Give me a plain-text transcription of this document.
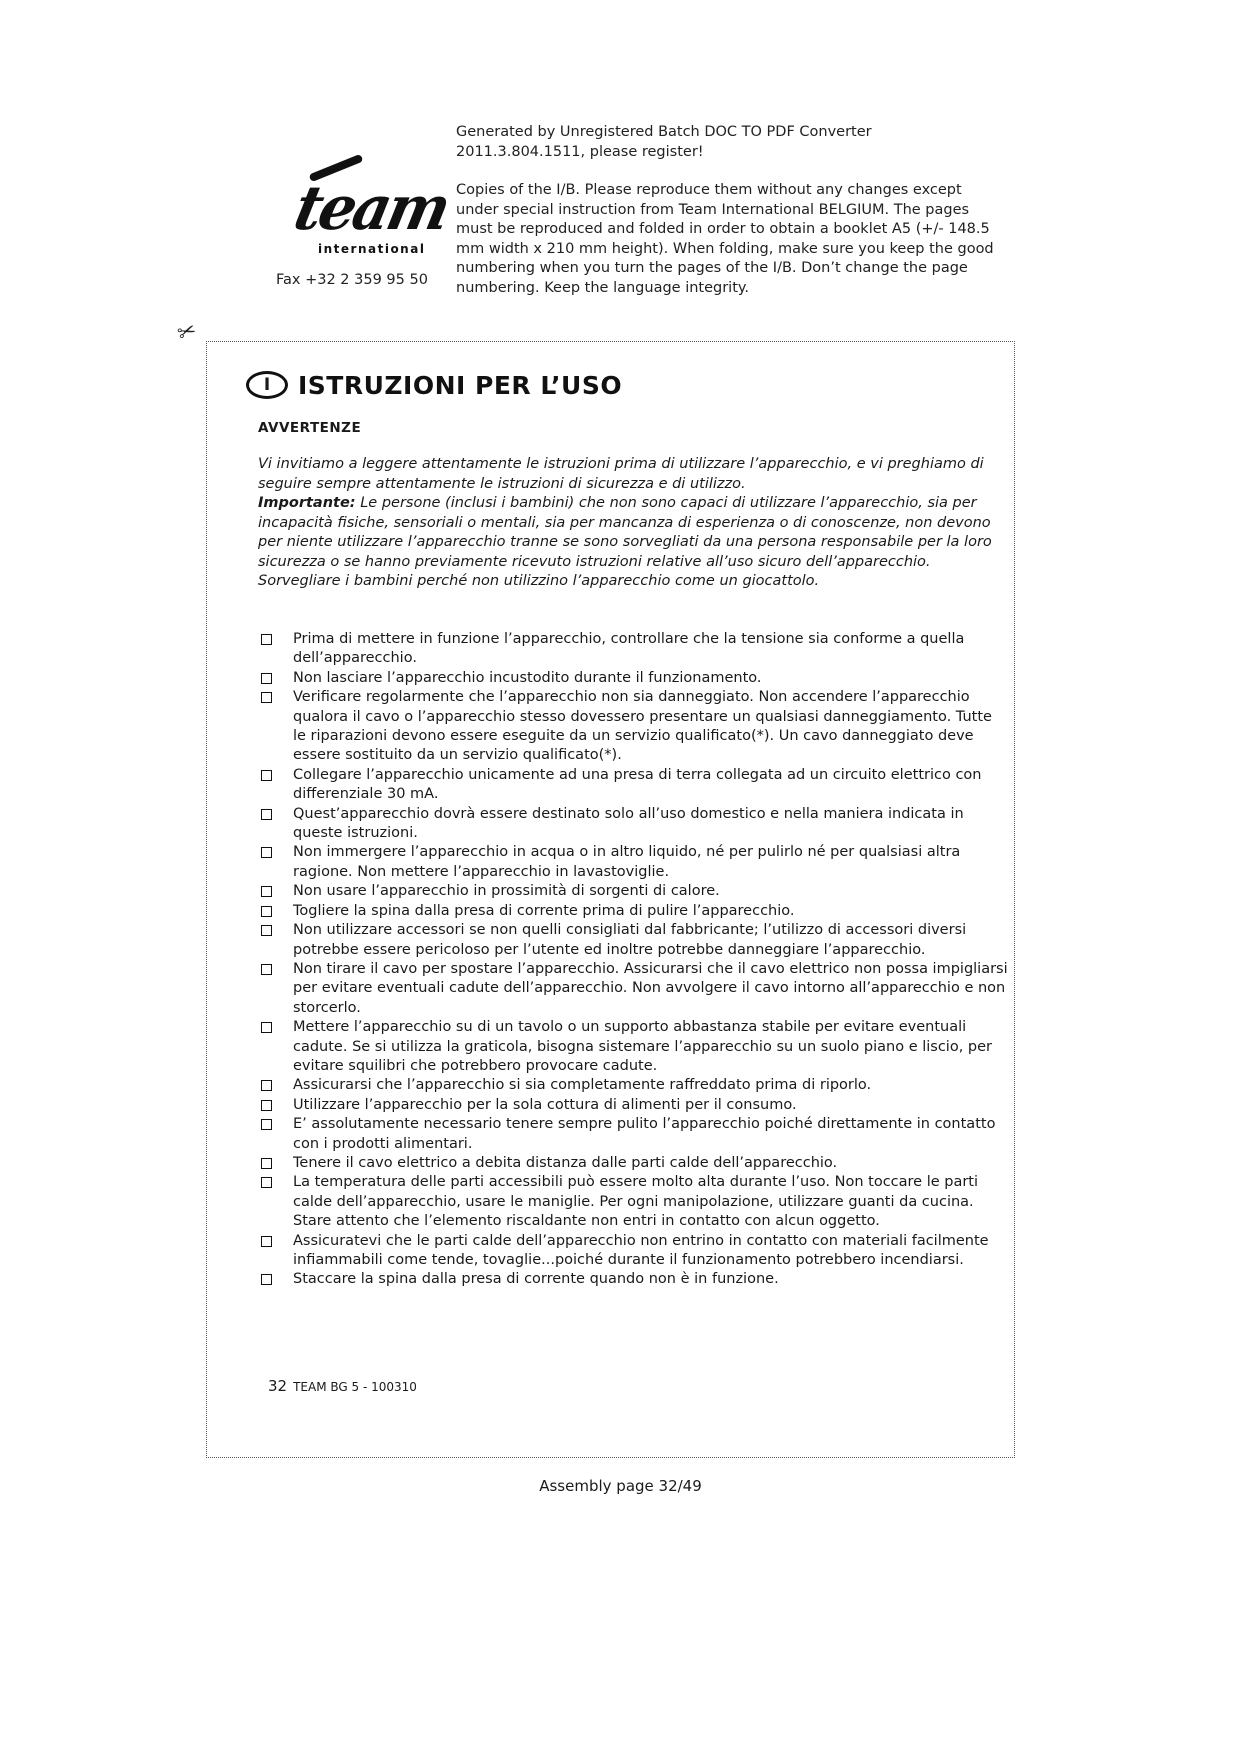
Generated by Unregistered Batch DOC TO PDF Converter 2011.3.804.1511, please register!

Copies of the I/B. Please reproduce them without any changes except under special instruction from Team International BELGIUM. The pages must be reproduced and folded in order to obtain a booklet A5 (+/- 148.5 mm width x 210 mm height). When folding, make sure you keep the good numbering when you turn the pages of the I/B. Don’t change the page numbering. Keep the language integrity.

team
international
Fax +32 2 359 95 50
✂
I	ISTRUZIONI PER L’USO
AVVERTENZE

Vi invitiamo a leggere attentamente le istruzioni prima di utilizzare l’apparecchio, e vi preghiamo di seguire sempre attentamente le istruzioni di sicurezza e di utilizzo.

Importante: Le persone (inclusi i bambini) che non sono capaci di utilizzare l’apparecchio, sia per incapacità fisiche, sensoriali o mentali, sia per mancanza di esperienza o di conoscenze, non devono per niente utilizzare l’apparecchio tranne se sono sorvegliati da una persona responsabile per la loro sicurezza o se hanno previamente ricevuto istruzioni relative all’uso sicuro dell’apparecchio.

Sorvegliare i bambini perché non utilizzino l’apparecchio come un giocattolo.

Prima di mettere in funzione l’apparecchio, controllare che la tensione sia conforme a quella dell’apparecchio.
Non lasciare l’apparecchio incustodito durante il funzionamento.
Verificare regolarmente che l’apparecchio non sia danneggiato. Non accendere l’apparecchio qualora il cavo o l’apparecchio stesso dovessero presentare un qualsiasi danneggiamento. Tutte le riparazioni devono essere eseguite da un servizio qualificato(*). Un cavo danneggiato deve essere sostituito da un servizio qualificato(*).
Collegare l’apparecchio unicamente ad una presa di terra collegata ad un circuito elettrico con differenziale 30 mA.
Quest’apparecchio dovrà essere destinato solo all’uso domestico e nella maniera indicata in queste istruzioni.
Non immergere l’apparecchio in acqua o in altro liquido, né per pulirlo né per qualsiasi altra ragione. Non mettere l’apparecchio in lavastoviglie.
Non usare l’apparecchio in prossimità di sorgenti di calore.
Togliere la spina dalla presa di corrente prima di pulire l’apparecchio.
Non utilizzare accessori se non quelli consigliati dal fabbricante; l’utilizzo di accessori diversi potrebbe essere pericoloso per l’utente ed inoltre potrebbe danneggiare l’apparecchio.
Non tirare il cavo per spostare l’apparecchio. Assicurarsi che il cavo elettrico non possa impigliarsi per evitare eventuali cadute dell’apparecchio. Non avvolgere il cavo intorno all’apparecchio e non storcerlo.
Mettere l’apparecchio su di un tavolo o un supporto abbastanza stabile per evitare eventuali cadute. Se si utilizza la graticola, bisogna sistemare l’apparecchio su un suolo piano e liscio, per evitare squilibri che potrebbero provocare cadute.
Assicurarsi che l’apparecchio si sia completamente raffreddato prima di riporlo.
Utilizzare l’apparecchio per la sola cottura di alimenti per il consumo.
E’ assolutamente necessario tenere sempre pulito l’apparecchio poiché direttamente in contatto con i prodotti alimentari.
Tenere il cavo elettrico a debita distanza dalle parti calde dell’apparecchio.
La temperatura delle parti accessibili può essere molto alta durante l’uso. Non toccare le parti calde dell’apparecchio, usare le maniglie. Per ogni manipolazione, utilizzare guanti da cucina. Stare attento che l’elemento riscaldante non entri in contatto con alcun oggetto.
Assicuratevi che le parti calde dell’apparecchio non entrino in contatto con materiali facilmente infiammabili come tende, tovaglie...poiché durante il funzionamento potrebbero incendiarsi.
Staccare la spina dalla presa di corrente quando non è in funzione.
32 TEAM BG 5 - 100310
Assembly page 32/49
